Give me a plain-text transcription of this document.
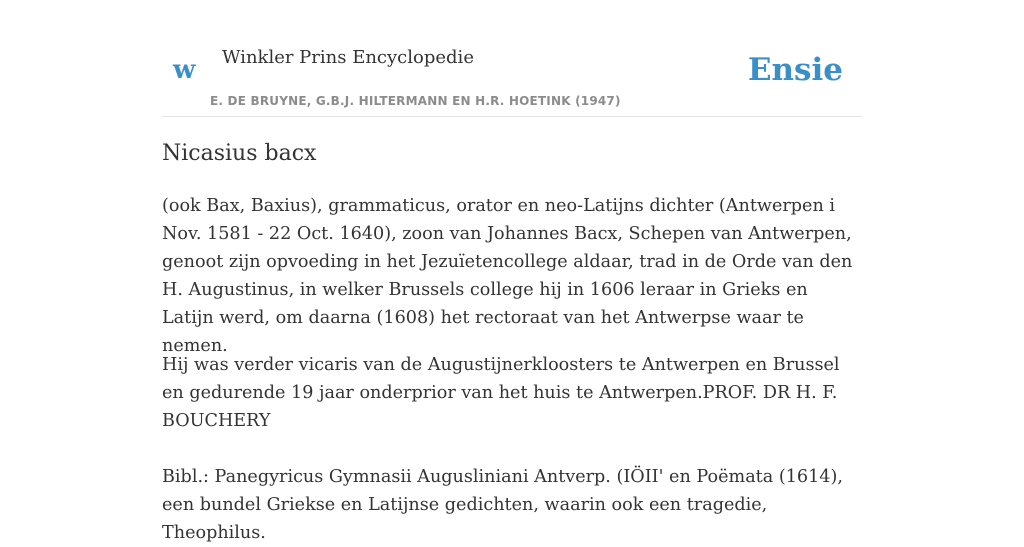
w Winkler Prins Encyclopedie	Ensie
E. DE BRUYNE, G.B.J. HILTERMANN EN H.R. HOETINK (1947)
Nicasius bacx

(ook Bax, Baxius), grammaticus, orator en neo-Latijns dichter (Antwerpen i Nov. 1581 - 22 Oct. 1640), zoon van Johannes Bacx, Schepen van Antwerpen, genoot zijn opvoeding in het Jezuïetencollege aldaar, trad in de Orde van den H. Augustinus, in welker Brussels college hij in 1606 leraar in Grieks en Latijn werd, om daarna (1608) het rectoraat van het Antwerpse waar te nemen.

Hij was verder vicaris van de Augustijnerkloosters te Antwerpen en Brussel en gedurende 19 jaar onderprior van het huis te Antwerpen.PROF. DR H. F. BOUCHERY

Bibl.: Panegyricus Gymnasii Augusliniani Antverp. (IÖII' en Poëmata (1614), een bundel Griekse en Latijnse gedichten, waarin ook een tragedie, Theophilus.
